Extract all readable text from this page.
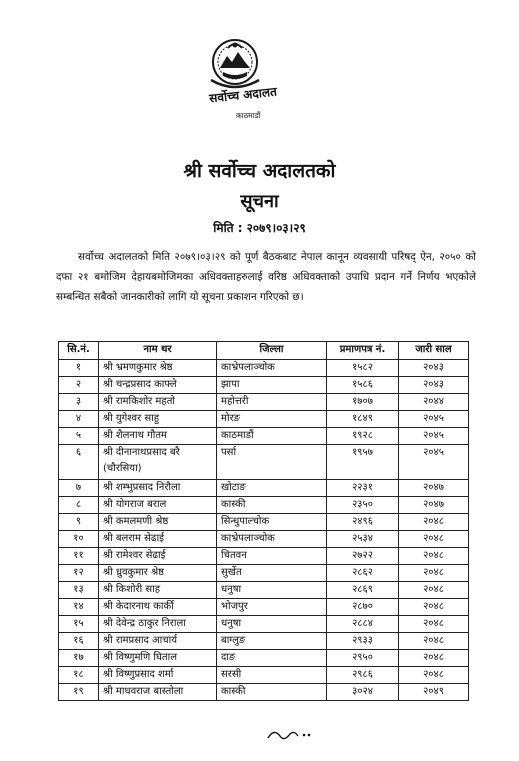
सर्वोच्च अदालत
काठमाडौं
श्री सर्वोच्च अदालतको
सूचना
मिति : २०७९।०३।२९
सर्वोच्च अदालतको मिति २०७९।०३।२९ को पूर्ण बैठकबाट नेपाल कानून व्यवसायी परिषद् ऐन, २०५० को दफा २१ बमोजिम देहायबमोजिमका अधिवक्ताहरुलाई वरिष्ठ अधिवक्ताको उपाधि प्रदान गर्ने निर्णय भएकोले सम्बन्धित सबैको जानकारीको लागि यो सूचना प्रकाशन गरिएको छ।
सि.नं.	नाम थर	जिल्ला	प्रमाणपत्र नं.	जारी साल
१	श्री भ्रमणकुमार श्रेष्ठ	काभ्रेपलाञ्चोक	१५८२	२०४३
२	श्री चन्द्रप्रसाद काफ्ले	झापा	१५८६	२०४३
३	श्री रामकिशोर महतो	महोत्तरी	१७०७	२०४४
४	श्री युगेश्वर साहु	मोरङ	१८४९	२०४५
५	श्री शैलनाथ गौतम	काठमाडौं	१९२८	२०४५
६	श्री दीनानाथप्रसाद बरै (चौरसिया)	पर्सा	१९५७	२०४५
७	श्री शम्भुप्रसाद निरौला	खोटाङ	२२३१	२०४७
८	श्री योगराज बराल	कास्की	२३५०	२०४७
९	श्री कमलमणी श्रेष्ठ	सिन्धुपाल्चोक	२४९६	२०४८
१०	श्री बलराम सेढाई	काभ्रेपलाञ्चोक	२५३४	२०४८
११	श्री रामेश्वर सेढाई	चितवन	२७२२	२०४८
१२	श्री ध्रुवकुमार श्रेष्ठ	सुर्खेत	२८६२	२०४८
१३	श्री किशोरी साह	धनुषा	२८६९	२०४८
१४	श्री केदारनाथ कार्की	भोजपुर	२८७०	२०४८
१५	श्री देवेन्द्र ठाकुर निराला	धनुषा	२८८४	२०४८
१६	श्री रामप्रसाद आचार्य	बाग्लुङ	२९३३	२०४८
१७	श्री विष्णुमणि घिताल	दाङ	२९५०	२०४८
१८	श्री विष्णुप्रसाद शर्मा	सरसी	२९८६	२०४८
१९	श्री माधवराज बास्तोला	कास्की	३०२४	२०४९
